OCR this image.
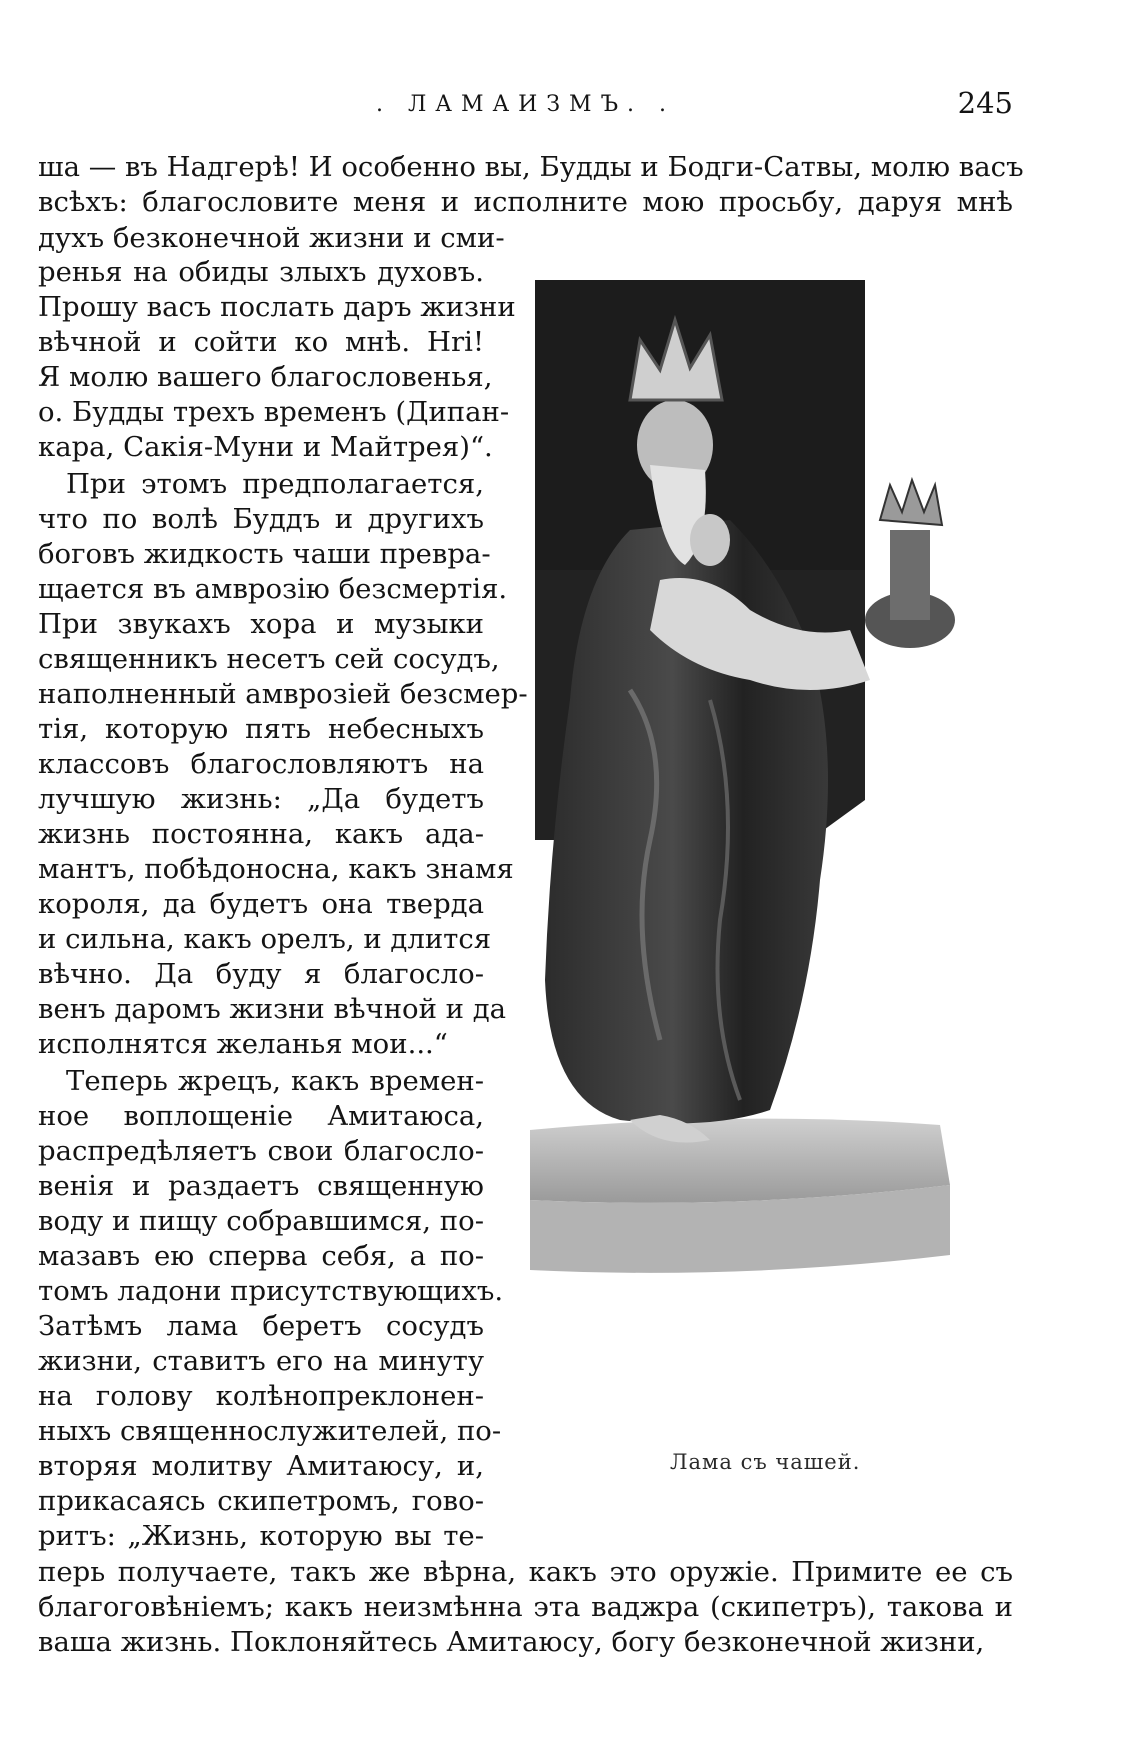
. ЛАМАИЗМЪ. .	245
ша — въ Надгерѣ! И особенно вы, Будды и Бодги-Сатвы, молю васъ
всѣхъ: благословите меня и исполните мою просьбу, даруя мнѣ
духъ безконечной жизни и сми-
ренья на обиды злыхъ духовъ.
Прошу васъ послать даръ жизни
вѣчной и сойти ко мнѣ. Hri!
Я молю вашего благословенья,
о. Будды трехъ временъ (Дипан-
кара, Сакія-Муни и Майтрея)“.
При этомъ предполагается,
что по волѣ Буддъ и другихъ
боговъ жидкость чаши превра-
щается въ амврозію безсмертія.
При звукахъ хора и музыки
священникъ несетъ сей сосудъ,
наполненный амврозіей безсмер-
тія, которую пять небесныхъ
классовъ благословляютъ на
лучшую жизнь: „Да будетъ
жизнь постоянна, какъ ада-
мантъ, побѣдоносна, какъ знамя
короля, да будетъ она тверда
и сильна, какъ орелъ, и длится
вѣчно. Да буду я благосло-
венъ даромъ жизни вѣчной и да
исполнятся желанья мои...“
Теперь жрецъ, какъ времен-
ное воплощеніе Амитаюса,
распредѣляетъ свои благосло-
венія и раздаетъ священную
воду и пищу собравшимся, по-
мазавъ ею сперва себя, а по-
томъ ладони присутствующихъ.
Затѣмъ лама беретъ сосудъ
жизни, ставитъ его на минуту
на голову колѣнопреклонен-
ныхъ священнослужителей, по-
вторяя молитву Амитаюсу, и,
прикасаясь скипетромъ, гово-
ритъ: „Жизнь, которую вы те-
перь получаете, такъ же вѣрна, какъ это оружіе. Примите ее съ
благоговѣніемъ; какъ неизмѣнна эта ваджра (скипетръ), такова и
ваша жизнь. Поклоняйтесь Амитаюсу, богу безконечной жизни,
Лама съ чашей.
